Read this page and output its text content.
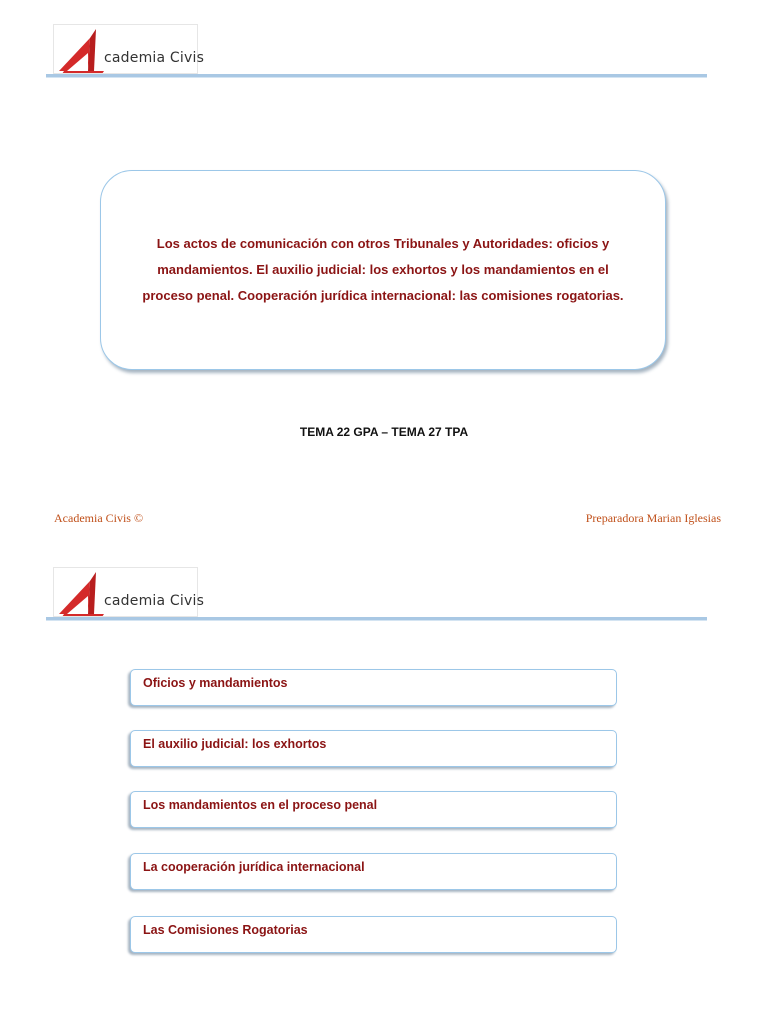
cademia Civis

Los actos de comunicación con otros Tribunales y Autoridades: oficios y mandamientos. El auxilio judicial: los exhortos y los mandamientos en el proceso penal. Cooperación jurídica internacional: las comisiones rogatorias.

TEMA 22 GPA – TEMA 27 TPA
Academia Civis ©	Preparadora Marian Iglesias
cademia Civis
Oficios y mandamientos
El auxilio judicial: los exhortos
Los mandamientos en el proceso penal
La cooperación jurídica internacional
Las Comisiones Rogatorias
